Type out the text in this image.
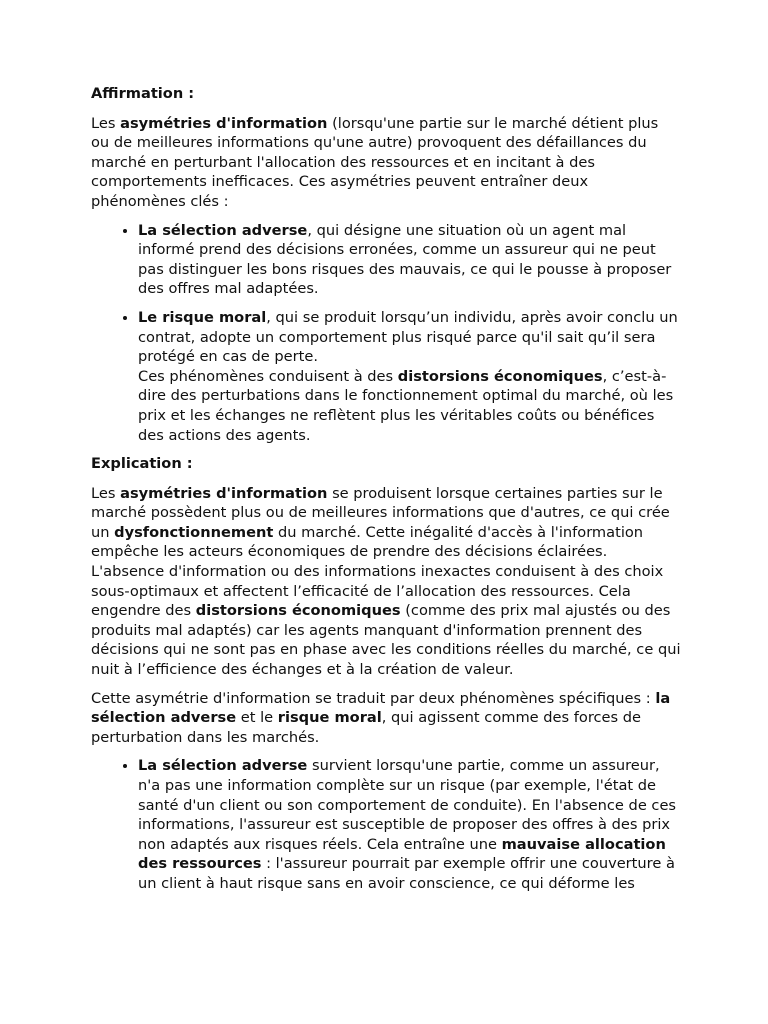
Affirmation :

Les asymétries d'information (lorsqu'une partie sur le marché détient plus ou de meilleures informations qu'une autre) provoquent des défaillances du marché en perturbant l'allocation des ressources et en incitant à des comportements inefficaces. Ces asymétries peuvent entraîner deux phénomènes clés :

• La sélection adverse, qui désigne une situation où un agent mal informé prend des décisions erronées, comme un assureur qui ne peut pas distinguer les bons risques des mauvais, ce qui le pousse à proposer des offres mal adaptées.
• Le risque moral, qui se produit lorsqu’un individu, après avoir conclu un contrat, adopte un comportement plus risqué parce qu'il sait qu’il sera protégé en cas de perte.
Ces phénomènes conduisent à des distorsions économiques, c’est-à-dire des perturbations dans le fonctionnement optimal du marché, où les prix et les échanges ne reflètent plus les véritables coûts ou bénéfices des actions des agents.
Explication :

Les asymétries d'information se produisent lorsque certaines parties sur le marché possèdent plus ou de meilleures informations que d'autres, ce qui crée un dysfonctionnement du marché. Cette inégalité d'accès à l'information empêche les acteurs économiques de prendre des décisions éclairées. L'absence d'information ou des informations inexactes conduisent à des choix sous-optimaux et affectent l’efficacité de l’allocation des ressources. Cela engendre des distorsions économiques (comme des prix mal ajustés ou des produits mal adaptés) car les agents manquant d'information prennent des décisions qui ne sont pas en phase avec les conditions réelles du marché, ce qui nuit à l’efficience des échanges et à la création de valeur.

Cette asymétrie d'information se traduit par deux phénomènes spécifiques : la sélection adverse et le risque moral, qui agissent comme des forces de perturbation dans les marchés.

• La sélection adverse survient lorsqu'une partie, comme un assureur, n'a pas une information complète sur un risque (par exemple, l'état de santé d'un client ou son comportement de conduite). En l'absence de ces informations, l'assureur est susceptible de proposer des offres à des prix non adaptés aux risques réels. Cela entraîne une mauvaise allocation des ressources : l'assureur pourrait par exemple offrir une couverture à un client à haut risque sans en avoir conscience, ce qui déforme les
